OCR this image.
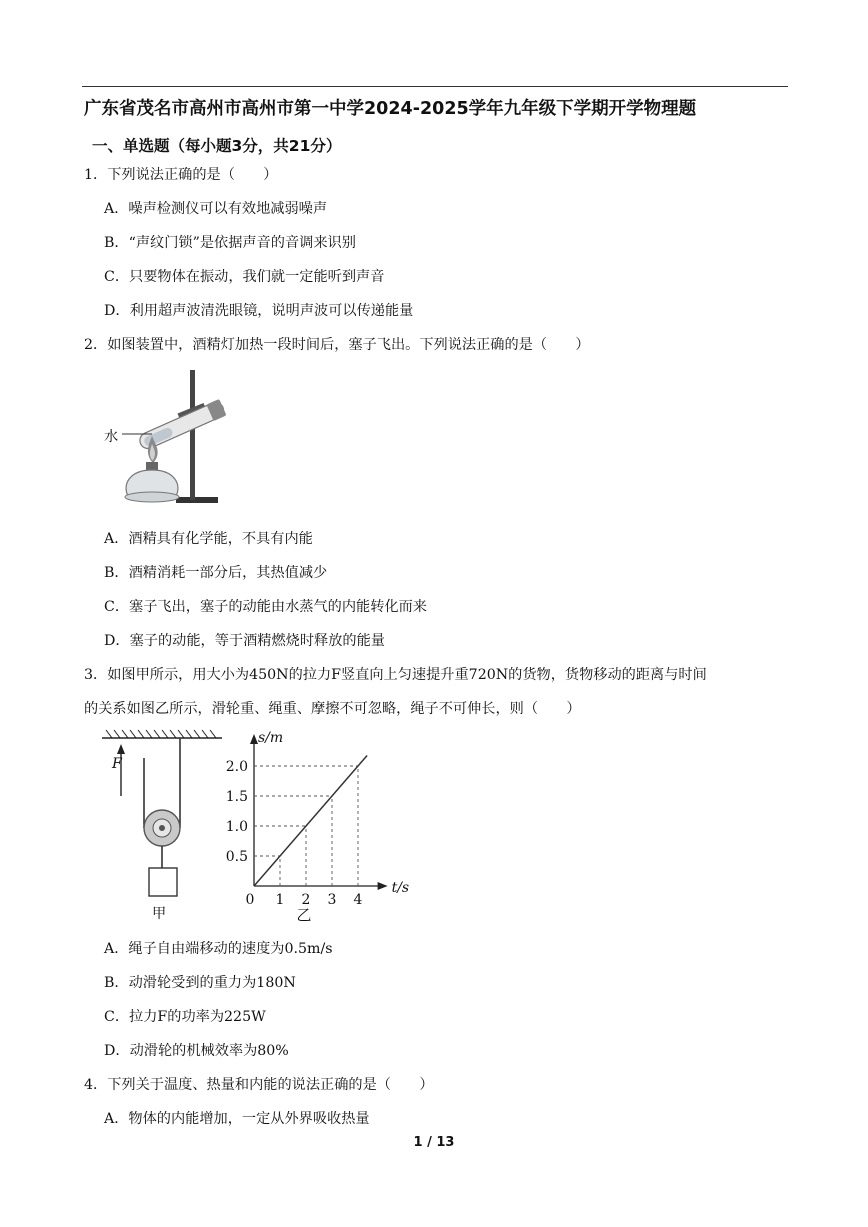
广东省茂名市高州市高州市第一中学2024-2025学年九年级下学期开学物理题
一、单选题（每小题3分，共21分）
1．下列说法正确的是（　　）
A．噪声检测仪可以有效地减弱噪声
B．“声纹门锁”是依据声音的音调来识别
C．只要物体在振动，我们就一定能听到声音
D．利用超声波清洗眼镜，说明声波可以传递能量
2．如图装置中，酒精灯加热一段时间后，塞子飞出。下列说法正确的是（　　）
水
A．酒精具有化学能，不具有内能
B．酒精消耗一部分后，其热值减少
C．塞子飞出，塞子的动能由水蒸气的内能转化而来
D．塞子的动能，等于酒精燃烧时释放的能量
3．如图甲所示，用大小为450N的拉力F竖直向上匀速提升重720N的货物，货物移动的距离与时间
的关系如图乙所示，滑轮重、绳重、摩擦不可忽略，绳子不可伸长，则（　　）
F
甲
0 1 2 3 4
0.5
1.0
1.5
2.0
t/s
s/m
乙
A．绳子自由端移动的速度为0.5m/s
B．动滑轮受到的重力为180N
C．拉力F的功率为225W
D．动滑轮的机械效率为80%
4．下列关于温度、热量和内能的说法正确的是（　　）
A．物体的内能增加，一定从外界吸收热量
1 / 13
